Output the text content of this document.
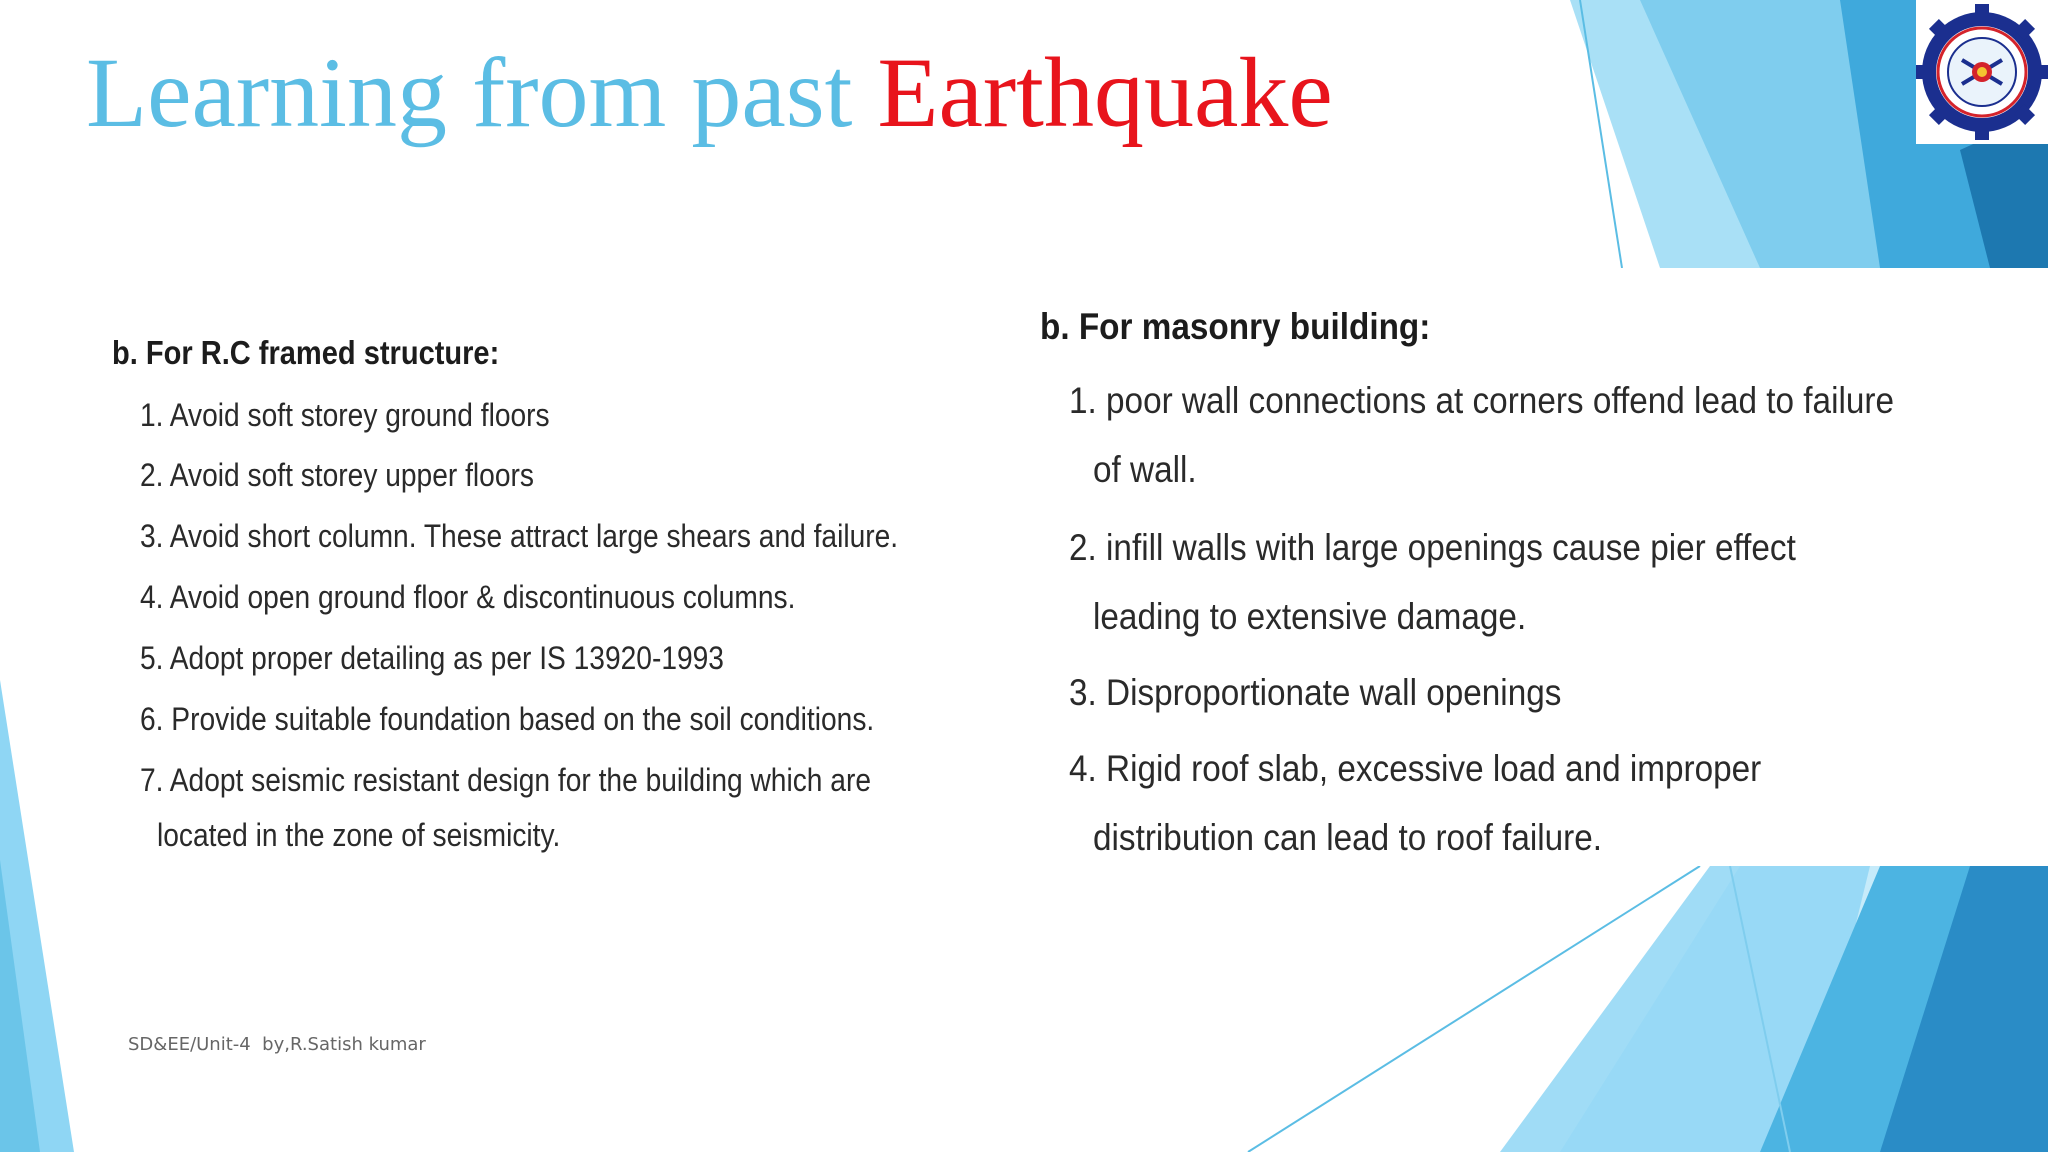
Learning from past Earthquake

b. For R.C framed structure:

1. Avoid soft storey ground floors

2. Avoid soft storey upper floors

3. Avoid short column. These attract large shears and failure.

4. Avoid open ground floor & discontinuous columns.

5. Adopt proper detailing as per IS 13920-1993

6. Provide suitable foundation based on the soil conditions.

7. Adopt seismic resistant design for the building which are

located in the zone of seismicity.

b. For masonry building:

1. poor wall connections at corners offend lead to failure

of wall.

2. infill walls with large openings cause pier effect

leading to extensive damage.

3. Disproportionate wall openings

4. Rigid roof slab, excessive load and improper

distribution can lead to roof failure.

SD&EE/Unit-4  by,R.Satish kumar
